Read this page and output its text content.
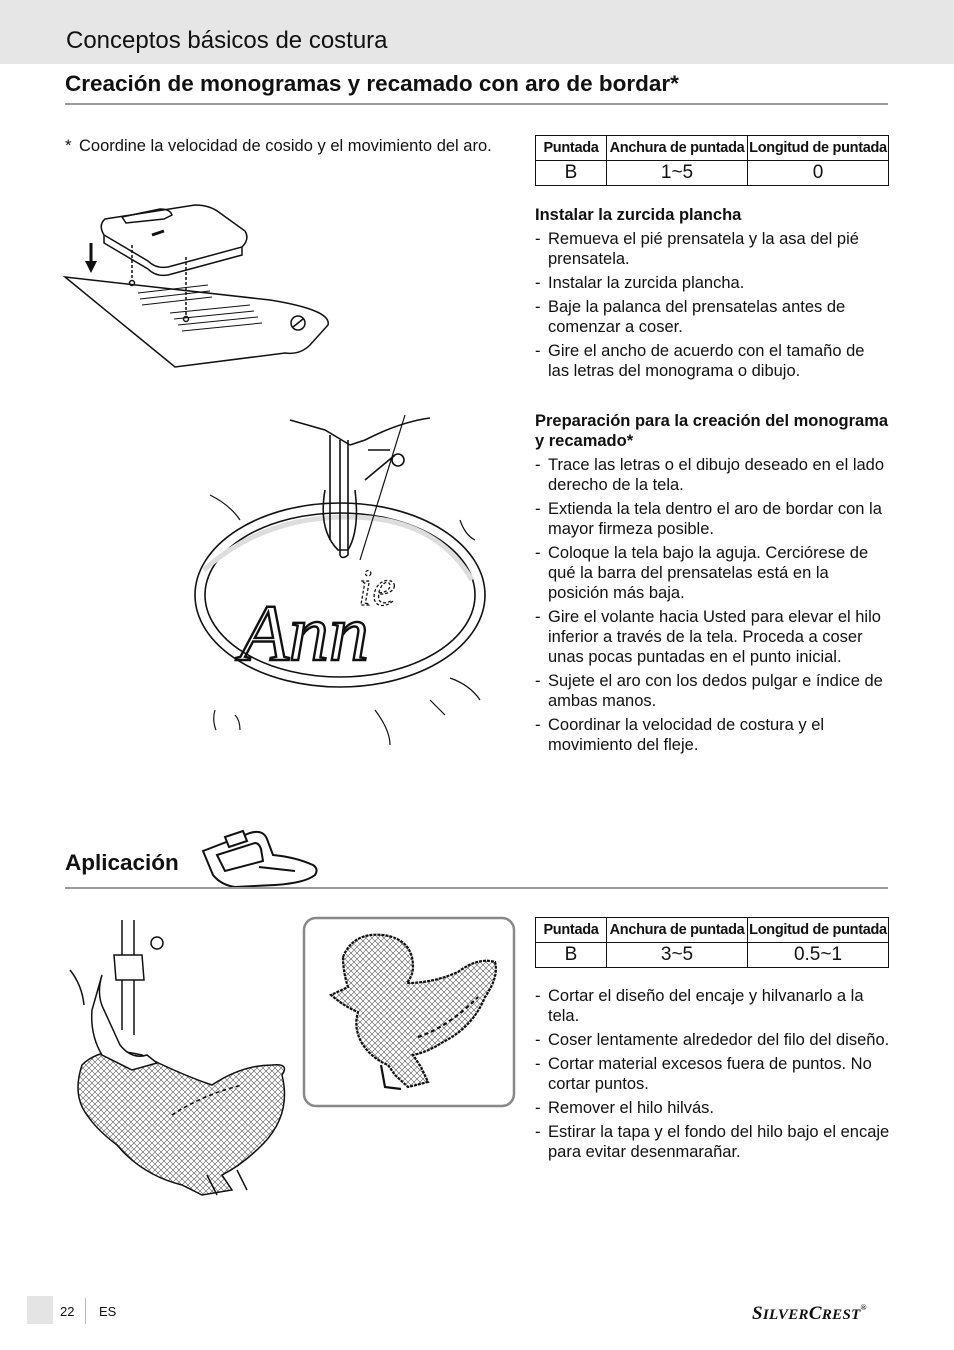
Conceptos básicos de costura
Creación de monogramas y recamado con aro de bordar*
* Coordine la velocidad de cosido y el movimiento del aro.	Puntada	Anchura de puntada	Longitud de puntada
B	1~5	0
Instalar la zurcida plancha
- Remueva el pié prensatela y la asa del pié prensatela.
- Instalar la zurcida plancha.
- Baje la palanca del prensatelas antes de comenzar a coser.
- Gire el ancho de acuerdo con el tamaño de las letras del monograma o dibujo.
Preparación para la creación del monograma y recamado*
- Trace las letras o el dibujo deseado en el lado derecho de la tela.
- Extienda la tela dentro el aro de bordar con la mayor firmeza posible.
- Coloque la tela bajo la aguja. Cerciórese de qué la barra del prensatelas está en la posición más baja.
- Gire el volante hacia Usted para elevar el hilo inferior a través de la tela. Proceda a coser unas pocas puntadas en el punto inicial.
- Sujete el aro con los dedos pulgar e índice de ambas manos.
- Coordinar la velocidad de costura y el movimiento del fleje.
Ann
ie
Aplicación
Puntada	Anchura de puntada	Longitud de puntada
B	3~5	0.5~1
- Cortar el diseño del encaje y hilvanarlo a la tela.
- Coser lentamente alrededor del filo del diseño.
- Cortar material excesos fuera de puntos. No cortar puntos.
- Remover el hilo hilvás.
- Estirar la tapa y el fondo del hilo bajo el encaje para evitar desenmarañar.
22 ES	SILVERCREST®
